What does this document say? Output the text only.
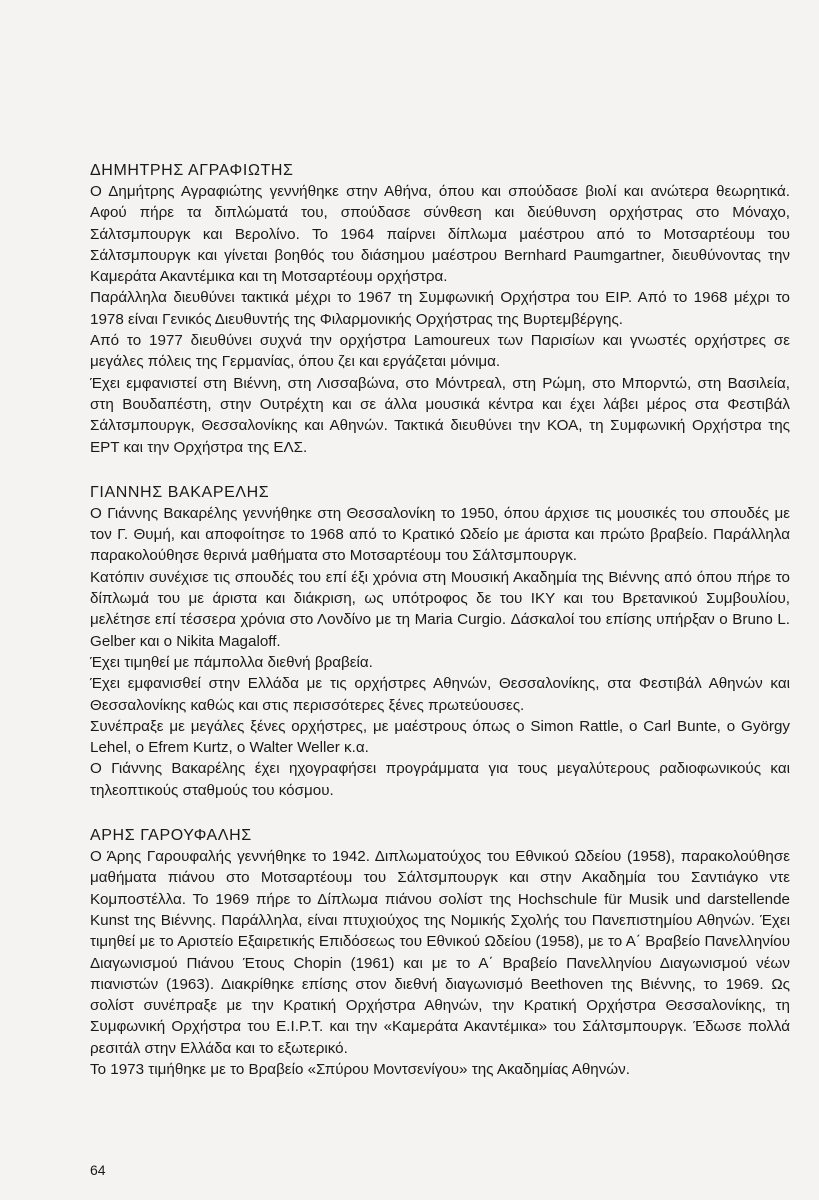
ΔΗΜΗΤΡΗΣ ΑΓΡΑΦΙΩΤΗΣ

Ο Δημήτρης Αγραφιώτης γεννήθηκε στην Αθήνα, όπου και σπούδασε βιολί και ανώτερα θεωρητικά. Αφού πήρε τα διπλώματά του, σπούδασε σύνθεση και διεύθυνση ορχήστρας στο Μόναχο, Σάλτσμπουργκ και Βερολίνο. Το 1964 παίρνει δίπλωμα μαέστρου από το Μοτσαρτέουμ του Σάλτσμπουργκ και γίνεται βοηθός του διάσημου μαέστρου Bernhard Paumgartner, διευθύνοντας την Καμεράτα Ακαντέμικα και τη Μοτσαρτέουμ ορχήστρα.

Παράλληλα διευθύνει τακτικά μέχρι το 1967 τη Συμφωνική Ορχήστρα του ΕΙΡ. Από το 1968 μέχρι το 1978 είναι Γενικός Διευθυντής της Φιλαρμονικής Ορχήστρας της Βυρτεμβέργης.

Από το 1977 διευθύνει συχνά την ορχήστρα Lamoureux των Παρισίων και γνωστές ορχήστρες σε μεγάλες πόλεις της Γερμανίας, όπου ζει και εργάζεται μόνιμα.

Έχει εμφανιστεί στη Βιέννη, στη Λισσαβώνα, στο Μόντρεαλ, στη Ρώμη, στο Μπορντώ, στη Βασιλεία, στη Βουδαπέστη, στην Ουτρέχτη και σε άλλα μουσικά κέντρα και έχει λάβει μέρος στα Φεστιβάλ Σάλτσμπουργκ, Θεσσαλονίκης και Αθηνών. Τακτικά διευθύνει την ΚΟΑ, τη Συμφωνική Ορχήστρα της ΕΡΤ και την Ορχήστρα της ΕΛΣ.

ΓΙΑΝΝΗΣ ΒΑΚΑΡΕΛΗΣ

Ο Γιάννης Βακαρέλης γεννήθηκε στη Θεσσαλονίκη το 1950, όπου άρχισε τις μουσικές του σπουδές με τον Γ. Θυμή, και αποφοίτησε το 1968 από το Κρατικό Ωδείο με άριστα και πρώτο βραβείο. Παράλληλα παρακολούθησε θερινά μαθήματα στο Μοτσαρτέουμ του Σάλτσμπουργκ.

Κατόπιν συνέχισε τις σπουδές του επί έξι χρόνια στη Μουσική Ακαδημία της Βιέννης από όπου πήρε το δίπλωμά του με άριστα και διάκριση, ως υπότροφος δε του ΙΚΥ και του Βρετανικού Συμβουλίου, μελέτησε επί τέσσερα χρόνια στο Λονδίνο με τη Maria Curgio. Δάσκαλοί του επίσης υπήρξαν ο Bruno L. Gelber και ο Nikita Magaloff.

Έχει τιμηθεί με πάμπολλα διεθνή βραβεία.

Έχει εμφανισθεί στην Ελλάδα με τις ορχήστρες Αθηνών, Θεσσαλονίκης, στα Φεστιβάλ Αθηνών και Θεσσαλονίκης καθώς και στις περισσότερες ξένες πρωτεύουσες.

Συνέπραξε με μεγάλες ξένες ορχήστρες, με μαέστρους όπως ο Simon Rattle, ο Carl Bunte, ο György Lehel, ο Efrem Kurtz, ο Walter Weller κ.α.

Ο Γιάννης Βακαρέλης έχει ηχογραφήσει προγράμματα για τους μεγαλύτερους ραδιοφωνικούς και τηλεοπτικούς σταθμούς του κόσμου.

ΑΡΗΣ ΓΑΡΟΥΦΑΛΗΣ

Ο Άρης Γαρουφαλής γεννήθηκε το 1942. Διπλωματούχος του Εθνικού Ωδείου (1958), παρακολούθησε μαθήματα πιάνου στο Μοτσαρτέουμ του Σάλτσμπουργκ και στην Ακαδημία του Σαντιάγκο ντε Κομποστέλλα. Το 1969 πήρε το Δίπλωμα πιάνου σολίστ της Hochschule für Musik und darstellende Kunst της Βιέννης. Παράλληλα, είναι πτυχιούχος της Νομικής Σχολής του Πανεπιστημίου Αθηνών. Έχει τιμηθεί με το Αριστείο Εξαιρετικής Επιδόσεως του Εθνικού Ωδείου (1958), με το Α΄ Βραβείο Πανελληνίου Διαγωνισμού Πιάνου Έτους Chopin (1961) και με το Α΄ Βραβείο Πανελληνίου Διαγωνισμού νέων πιανιστών (1963). Διακρίθηκε επίσης στον διεθνή διαγωνισμό Beethoven της Βιέννης, το 1969. Ως σολίστ συνέπραξε με την Κρατική Ορχήστρα Αθηνών, την Κρατική Ορχήστρα Θεσσαλονίκης, τη Συμφωνική Ορχήστρα του Ε.Ι.Ρ.Τ. και την «Καμεράτα Ακαντέμικα» του Σάλτσμπουργκ. Έδωσε πολλά ρεσιτάλ στην Ελλάδα και το εξωτερικό.

Το 1973 τιμήθηκε με το Βραβείο «Σπύρου Μοντσενίγου» της Ακαδημίας Αθηνών.

64
